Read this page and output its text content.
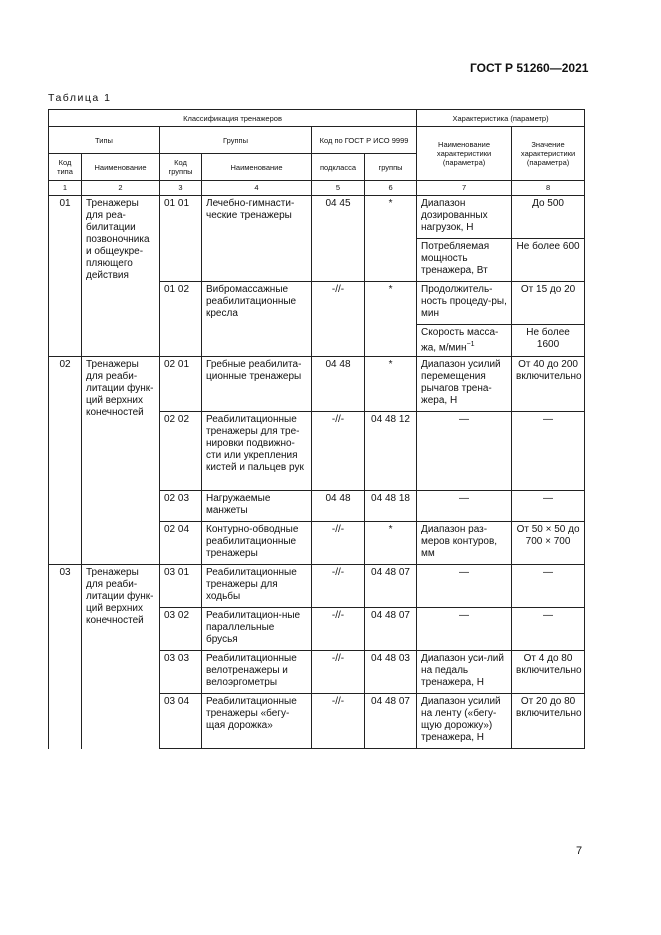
ГОСТ Р 51260—2021
Таблица 1
Классификация тренажеров						Характеристика (параметр)	
Типы		Группы		Код по ГОСТ Р ИСО 9999		Наименование характеристики (параметра)	Значение характеристики (параметра)
Код типа	Наименование	Код группы	Наименование	подкласса	группы		
1	2	3	4	5	6	7	8
01	Тренажеры для реа-билитации позвоночника и общеукре-пляющего действия	01 01	Лечебно-гимнасти-ческие тренажеры	04 45	*	Диапазон дозированных нагрузок, Н	До 500
						Потребляемая мощность тренажера, Вт	Не более 600
		01 02	Вибромассажные реабилитационные кресла	-//-	*	Продолжитель-ность процеду-ры, мин	От 15 до 20
						Скорость масса-жа, м/мин$^{-1}$	Не более 1600
02	Тренажеры для реаби-литации функ-ций верхних конечностей	02 01	Гребные реабилита-ционные тренажеры	04 48	*	Диапазон усилий перемещения рычагов трена-жера, Н	От 40 до 200 включительно
		02 02	Реабилитационные тренажеры для тре-нировки подвижно-сти или укрепления кистей и пальцев рук	-//-	04 48 12	—	—
		02 03	Нагружаемые манжеты	04 48	04 48 18	—	—
		02 04	Контурно-обводные реабилитационные тренажеры	-//-	*	Диапазон раз-меров контуров, мм	От 50 × 50 до 700 × 700
03	Тренажеры для реаби-литации функ-ций верхних конечностей	03 01	Реабилитационные тренажеры для ходьбы	-//-	04 48 07	—	—
		03 02	Реабилитацион-ные параллельные брусья	-//-	04 48 07	—	—
		03 03	Реабилитационные велотренажеры и велоэргометры	-//-	04 48 03	Диапазон уси-лий на педаль тренажера, Н	От 4 до 80 включительно
		03 04	Реабилитационные тренажеры «бегу-щая дорожка»	-//-	04 48 07	Диапазон усилий на ленту («бегу-щую дорожку») тренажера, Н	От 20 до 80 включительно
7
